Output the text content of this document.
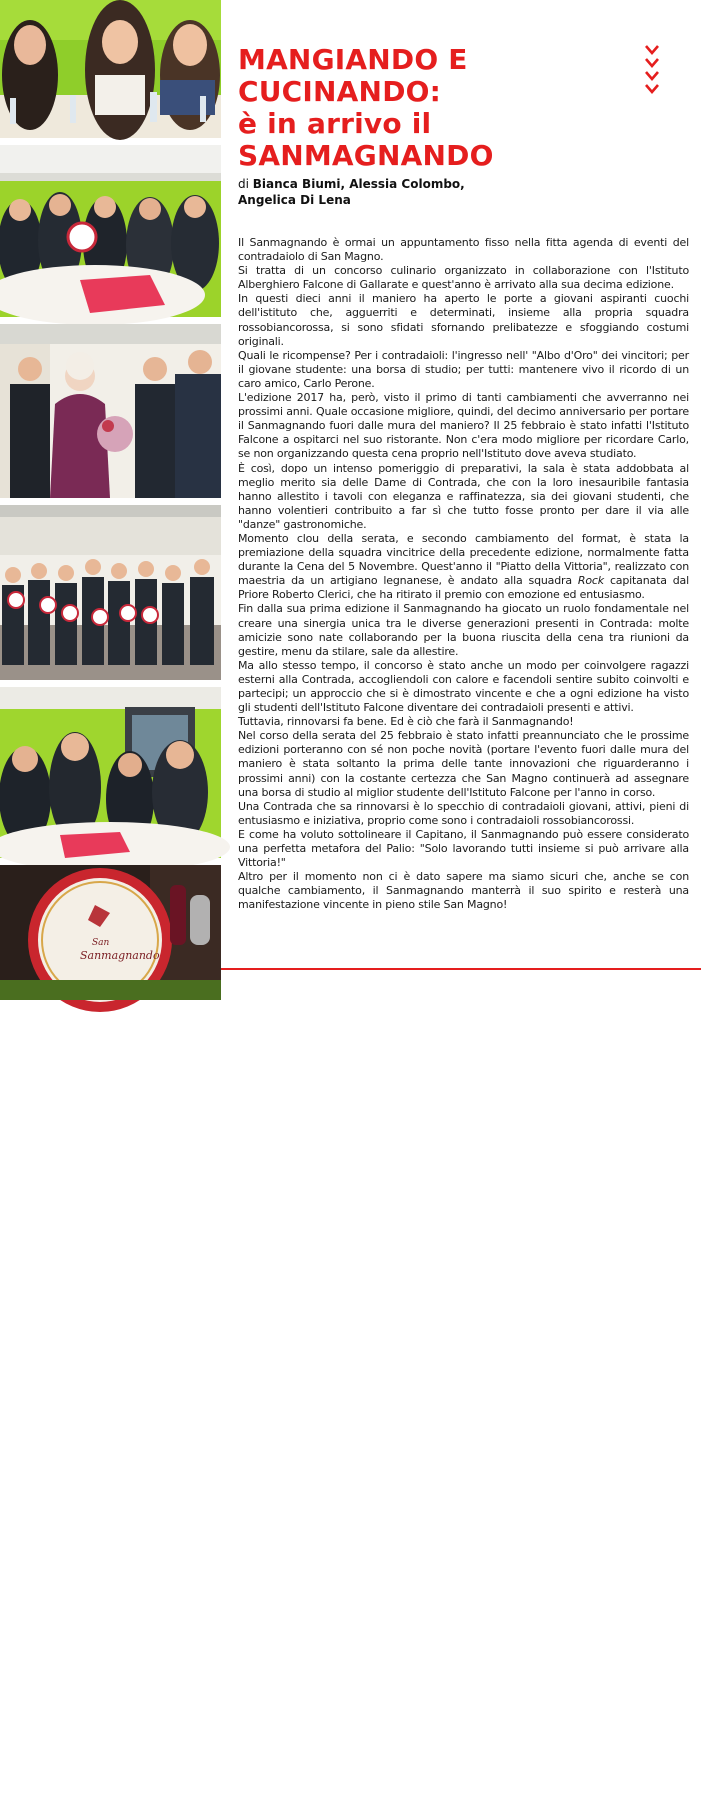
San
Sanmagnando
20
MANGIANDO E
CUCINANDO:
è in arrivo il
SANMAGNANDO
di Bianca Biumi, Alessia Colombo,
Angelica Di Lena

Il Sanmagnando è ormai un appuntamento fisso nella fitta agenda di eventi del contradaiolo di San Magno.

Si tratta di un concorso culinario organizzato in collaborazione con l'Istituto Alberghiero Falcone di Gallarate e quest'anno è arrivato alla sua decima edizione.

In questi dieci anni il maniero ha aperto le porte a giovani aspiranti cuochi dell'istituto che, agguerriti e determinati, insieme alla propria squadra rossobiancorossa, si sono sfidati sfornando prelibatezze e sfoggiando costumi originali.

Quali le ricompense? Per i contradaioli: l'ingresso nell' "Albo d'Oro" dei vincitori; per il giovane studente: una borsa di studio; per tutti: mantenere vivo il ricordo di un caro amico, Carlo Perone.

L'edizione 2017 ha, però, visto il primo di tanti cambiamenti che avverranno nei prossimi anni. Quale occasione migliore, quindi, del decimo anniversario per portare il Sanmagnando fuori dalle mura del maniero? Il 25 febbraio è stato infatti l'Istituto Falcone a ospitarci nel suo ristorante. Non c'era modo migliore per ricordare Carlo, se non organizzando questa cena proprio nell'Istituto dove aveva studiato.

È così, dopo un intenso pomeriggio di preparativi, la sala è stata addobbata al meglio merito sia delle Dame di Contrada, che con la loro inesauribile fantasia hanno allestito i tavoli con eleganza e raffinatezza, sia dei giovani studenti, che hanno volentieri contribuito a far sì che tutto fosse pronto per dare il via alle "danze" gastronomiche.

Momento clou della serata, e secondo cambiamento del format, è stata la premiazione della squadra vincitrice della precedente edizione, normalmente fatta durante la Cena del 5 Novembre. Quest'anno il "Piatto della Vittoria", realizzato con maestria da un artigiano legnanese, è andato alla squadra Rock capitanata dal Priore Roberto Clerici, che ha ritirato il premio con emozione ed entusiasmo.

Fin dalla sua prima edizione il Sanmagnando ha giocato un ruolo fondamentale nel creare una sinergia unica tra le diverse generazioni presenti in Contrada: molte amicizie sono nate collaborando per la buona riuscita della cena tra riunioni da gestire, menu da stilare, sale da allestire.

Ma allo stesso tempo, il concorso è stato anche un modo per coinvolgere ragazzi esterni alla Contrada, accogliendoli con calore e facendoli sentire subito coinvolti e partecipi; un approccio che si è dimostrato vincente e che a ogni edizione ha visto gli studenti dell'Istituto Falcone diventare dei contradaioli presenti e attivi.

Tuttavia, rinnovarsi fa bene. Ed è ciò che farà il Sanmagnando!

Nel corso della serata del 25 febbraio è stato infatti preannunciato che le prossime edizioni porteranno con sé non poche novità (portare l'evento fuori dalle mura del maniero è stata soltanto la prima delle tante innovazioni che riguarderanno i prossimi anni) con la costante certezza che San Magno continuerà ad assegnare una borsa di studio al miglior studente dell'Istituto Falcone per l'anno in corso.

Una Contrada che sa rinnovarsi è lo specchio di contradaioli giovani, attivi, pieni di entusiasmo e iniziativa, proprio come sono i contradaioli rossobiancorossi.

E come ha voluto sottolineare il Capitano, il Sanmagnando può essere considerato una perfetta metafora del Palio: "Solo lavorando tutti insieme si può arrivare alla Vittoria!"

Altro per il momento non ci è dato sapere ma siamo sicuri che, anche se con qualche cambiamento, il Sanmagnando manterrà il suo spirito e resterà una manifestazione vincente in pieno stile San Magno!
